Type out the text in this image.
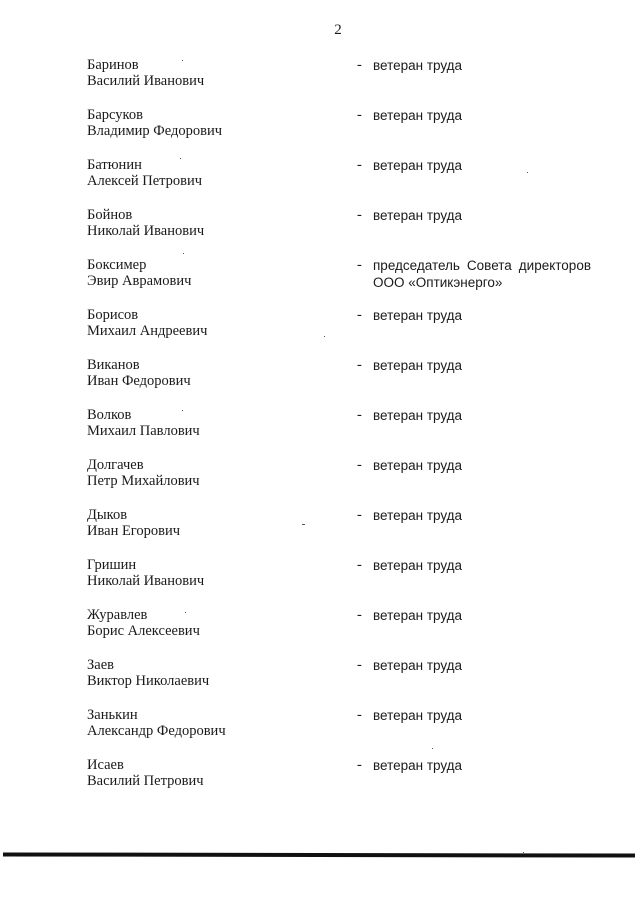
2
Баринов
Василий Иванович
- ветеран труда
Барсуков
Владимир Федорович
- ветеран труда
Батюнин
Алексей Петрович
- ветеран труда
Бойнов
Николай Иванович
- ветеран труда
Боксимер
Эвир Аврамович
- председатель Совета директоров
ООО «Оптикэнерго»
Борисов
Михаил Андреевич
- ветеран труда
Виканов
Иван Федорович
- ветеран труда
Волков
Михаил Павлович
- ветеран труда
Долгачев
Петр Михайлович
- ветеран труда
Дыков
Иван Егорович
- ветеран труда
Гришин
Николай Иванович
- ветеран труда
Журавлев
Борис Алексеевич
- ветеран труда
Заев
Виктор Николаевич
- ветеран труда
Занькин
Александр Федорович
- ветеран труда
Исаев
Василий Петрович
- ветеран труда
